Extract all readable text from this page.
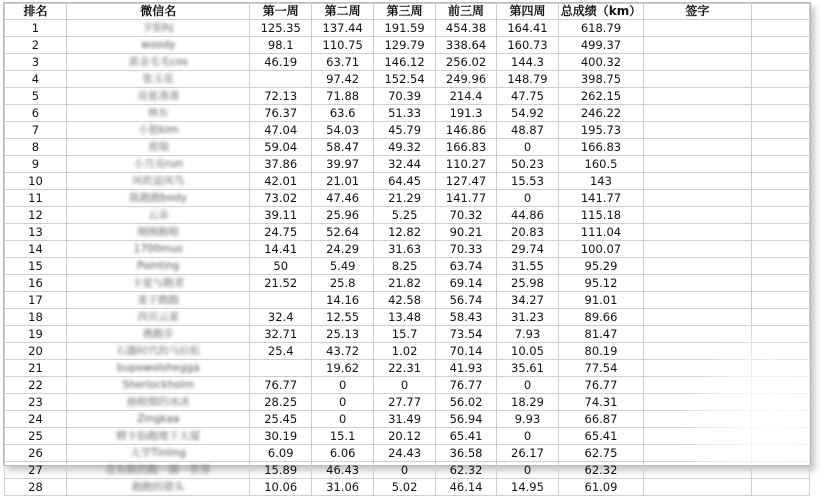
排名	微信名	第一周	第二周	第三周	前三周	第四周	总成绩（km）	签字	
1	夕阳hj	125.35	137.44	191.59	454.38	164.41	618.79		
2	woody	98.1	110.75	129.79	338.64	160.73	499.37		
3	黄金毛毛cos	46.19	63.71	146.12	256.02	144.3	400.32		
4	张玉花		97.42	152.54	249.96	148.79	398.75		
5	亮夏凑凑	72.13	71.88	70.39	214.4	47.75	262.15		
6	林东	76.37	63.6	51.33	191.3	54.92	246.22		
7	小狼kim	47.04	54.03	45.79	146.86	48.87	195.73		
8	黄瑞	59.04	58.47	49.32	166.83	0	166.83		
9	小月亮run	37.86	39.97	32.44	110.27	50.23	160.5		
10	风吹追风鸟	42.01	21.01	64.45	127.47	15.53	143		
11	陈跑跑body	73.02	47.46	21.29	141.77	0	141.77		
12	云朵	39.11	25.96	5.25	70.32	44.86	115.18		
13	刚刚跑啦	24.75	52.64	12.82	90.21	20.83	111.04		
14	1700mus	14.41	24.29	31.63	70.33	29.74	100.07		
15	Pointing	50	5.49	8.25	63.74	31.55	95.29		
16	卡夏与跑者	21.52	25.8	21.82	69.14	25.98	95.12		
17	麦子跑跑		14.16	42.58	56.74	34.27	91.01		
18	西贝云雀	32.4	12.55	13.48	58.43	31.23	89.66		
19	燕跑步	32.71	25.13	15.7	73.54	7.93	81.47		
20	石器时代的马拉松	25.4	43.72	1.02	70.14	10.05	80.19		
21	bupowolshegga		19.62	22.31	41.93	35.61	77.54		
22	Sherlockholm	76.77	0	0	76.77	0	76.77		
23	抽根烟的冰冰	28.25	0	27.77	56.02	18.29	74.31		
24	Zingkaa	25.45	0	31.49	56.94	9.93	66.87		
25	精卡仙跑地下大厦	30.19	15.1	20.12	65.41	0	65.41		
26	大学Tinling	6.09	6.06	24.43	36.58	26.17	62.75		
27	在有限的跑一圈一世界	15.89	46.43	0	62.32	0	62.32		
28	跑跑的猪头	10.06	31.06	5.02	46.14	14.95	61.09		
